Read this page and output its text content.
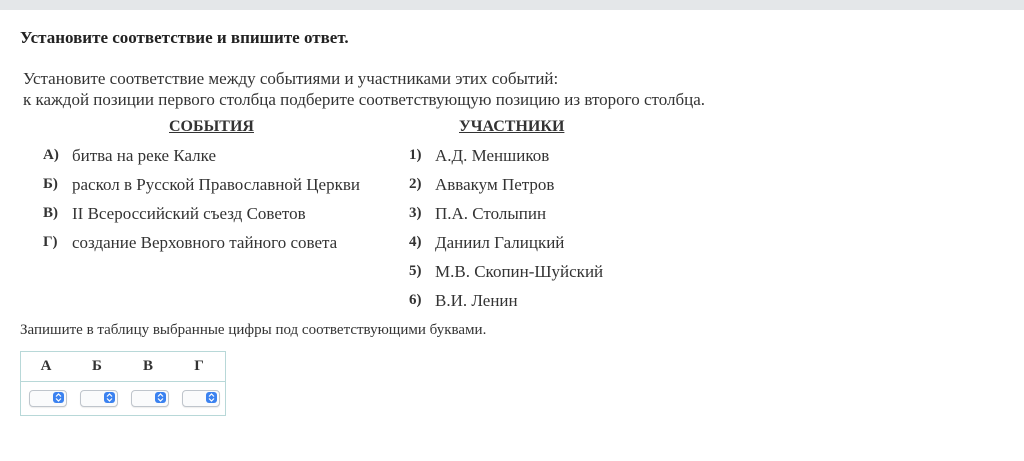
Установите соответствие и впишите ответ.
Установите соответствие между событиями и участниками этих событий:
к каждой позиции первого столбца подберите соответствующую позицию из второго столбца.
СОБЫТИЯ	УЧАСТНИКИ
А) битва на реке Калке
Б) раскол в Русской Православной Церкви
В) II Всероссийский съезд Советов
Г) создание Верховного тайного совета
1) А.Д. Меншиков
2) Аввакум Петров
3) П.А. Столыпин
4) Даниил Галицкий
5) М.В. Скопин-Шуйский
6) В.И. Ленин
Запишите в таблицу выбранные цифры под соответствующими буквами.
А	Б	В	Г
